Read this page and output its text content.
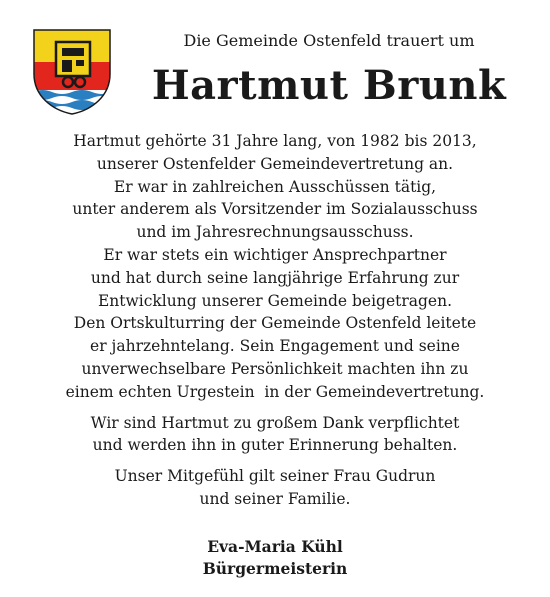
Die Gemeinde Ostenfeld trauert um
Hartmut Brunk
Hartmut gehörte 31 Jahre lang, von 1982 bis 2013,
unserer Ostenfelder Gemeindevertretung an.
Er war in zahlreichen Ausschüssen tätig,
unter anderem als Vorsitzender im Sozialausschuss
und im Jahresrechnungsausschuss.
Er war stets ein wichtiger Ansprechpartner
und hat durch seine langjährige Erfahrung zur
Entwicklung unserer Gemeinde beigetragen.
Den Ortskulturring der Gemeinde Ostenfeld leitete
er jahrzehntelang. Sein Engagement und seine
unverwechselbare Persönlichkeit machten ihn zu
einem echten Urgestein  in der Gemeindevertretung.
Wir sind Hartmut zu großem Dank verpflichtet
und werden ihn in guter Erinnerung behalten.
Unser Mitgefühl gilt seiner Frau Gudrun
und seiner Familie.
Eva-Maria Kühl
Bürgermeisterin
